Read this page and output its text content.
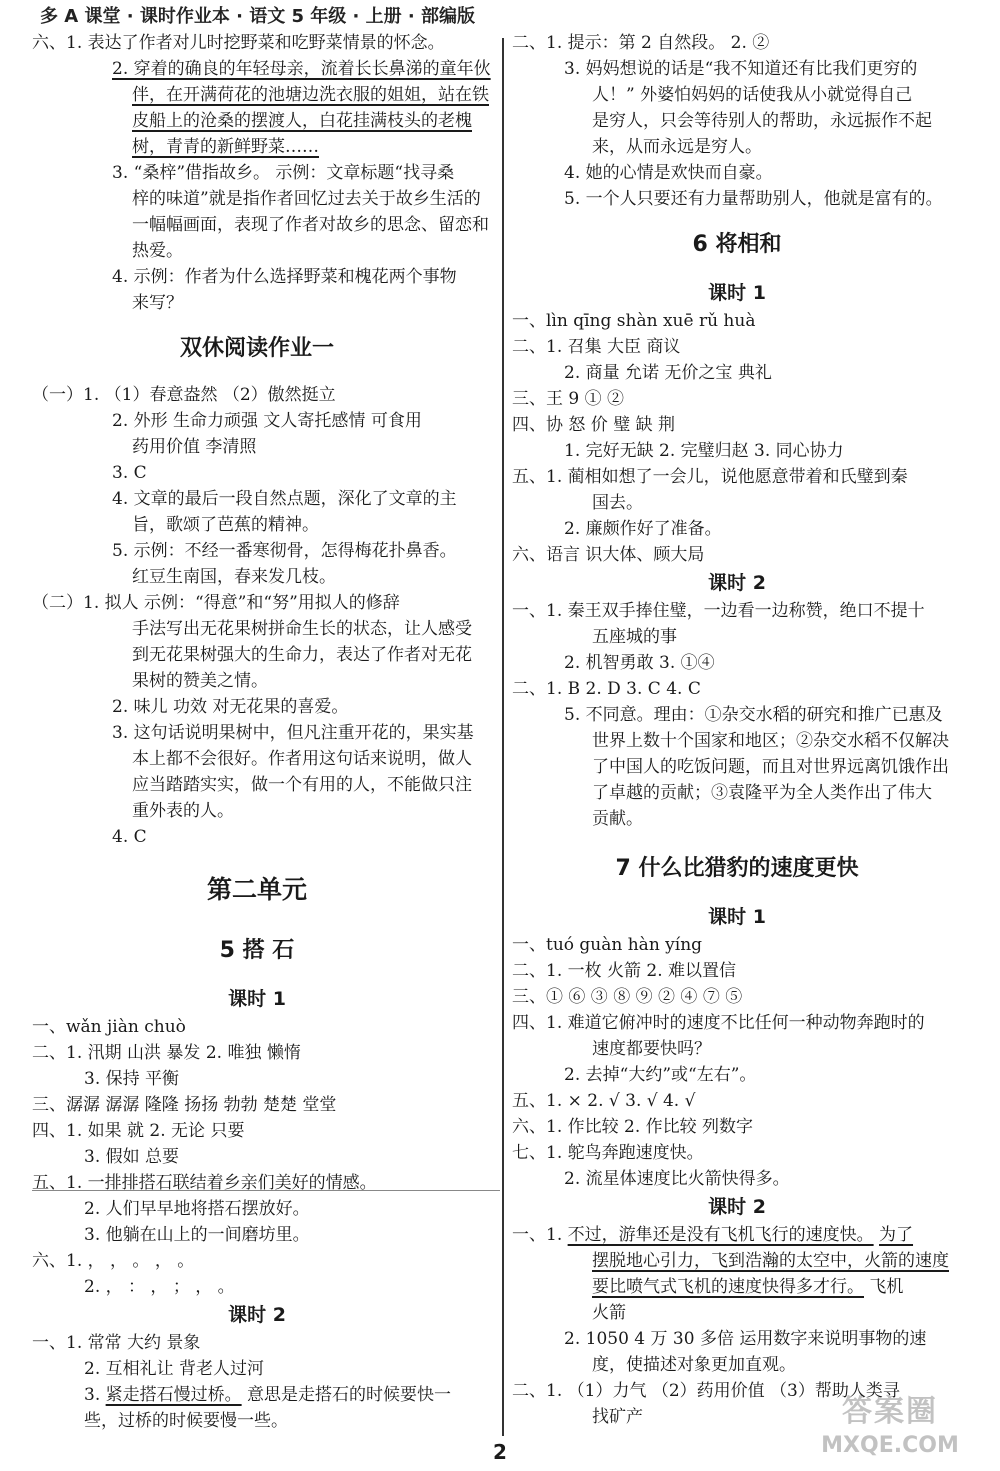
多 A 课堂 · 课时作业本 · 语文 5 年级 · 上册 · 部编版
六、1. 表达了作者对儿时挖野菜和吃野菜情景的怀念。
2. 穿着的确良的年轻母亲，流着长长鼻涕的童年伙
伴，在开满荷花的池塘边洗衣服的姐姐，站在铁
皮船上的沧桑的摆渡人，白花挂满枝头的老槐
树，青青的新鲜野菜……
3. “桑梓”借指故乡。 示例：文章标题“找寻桑
梓的味道”就是指作者回忆过去关于故乡生活的
一幅幅画面，表现了作者对故乡的思念、留恋和
热爱。
4. 示例：作者为什么选择野菜和槐花两个事物
来写？
双休阅读作业一
（一）1. （1）春意盎然 （2）傲然挺立
2. 外形 生命力顽强 文人寄托感情 可食用
药用价值 李清照
3. C
4. 文章的最后一段自然点题，深化了文章的主
旨，歌颂了芭蕉的精神。
5. 示例：不经一番寒彻骨，怎得梅花扑鼻香。
红豆生南国，春来发几枝。
（二）1. 拟人 示例：“得意”和“努”用拟人的修辞
手法写出无花果树拼命生长的状态，让人感受
到无花果树强大的生命力，表达了作者对无花
果树的赞美之情。
2. 味儿 功效 对无花果的喜爱。
3. 这句话说明果树中，但凡注重开花的，果实基
本上都不会很好。作者用这句话来说明，做人
应当踏踏实实，做一个有用的人，不能做只注
重外表的人。
4. C
第二单元
5 搭 石
课时 1
一、wǎn jiàn chuò
二、1. 汛期 山洪 暴发 2. 唯独 懒惰
3. 保持 平衡
三、潺潺 潺潺 隆隆 扬扬 勃勃 楚楚 堂堂
四、1. 如果 就 2. 无论 只要
3. 假如 总要
五、1. 一排排搭石联结着乡亲们美好的情感。
2. 人们早早地将搭石摆放好。
3. 他躺在山上的一间磨坊里。
六、1. ， ， 。 ， 。
2. ， ： ， ； ， 。
课时 2
一、1. 常常 大约 景象
2. 互相礼让 背老人过河
3. 紧走搭石慢过桥。 意思是走搭石的时候要快一
些，过桥的时候要慢一些。
二、1. 提示：第 2 自然段。 2. ②
3. 妈妈想说的话是“我不知道还有比我们更穷的
人！” 外婆怕妈妈的话使我从小就觉得自己
是穷人，只会等待别人的帮助，永远振作不起
来，从而永远是穷人。
4. 她的心情是欢快而自豪。
5. 一个人只要还有力量帮助别人，他就是富有的。
6 将相和
课时 1
一、lìn qīng shàn xuē rǔ huà
二、1. 召集 大臣 商议
2. 商量 允诺 无价之宝 典礼
三、王 9 ① ②
四、协 怒 价 璧 缺 荆
1. 完好无缺 2. 完璧归赵 3. 同心协力
五、1. 蔺相如想了一会儿，说他愿意带着和氏璧到秦
国去。
2. 廉颇作好了准备。
六、语言 识大体、顾大局
课时 2
一、1. 秦王双手捧住璧，一边看一边称赞，绝口不提十
五座城的事
2. 机智勇敢 3. ①④
二、1. B 2. D 3. C 4. C
5. 不同意。理由：①杂交水稻的研究和推广已惠及
世界上数十个国家和地区；②杂交水稻不仅解决
了中国人的吃饭问题，而且对世界远离饥饿作出
了卓越的贡献；③袁隆平为全人类作出了伟大
贡献。
7 什么比猎豹的速度更快
课时 1
一、tuó guàn hàn yíng
二、1. 一枚 火箭 2. 难以置信
三、① ⑥ ③ ⑧ ⑨ ② ④ ⑦ ⑤
四、1. 难道它俯冲时的速度不比任何一种动物奔跑时的
速度都要快吗？
2. 去掉“大约”或“左右”。
五、1. × 2. √ 3. √ 4. √
六、1. 作比较 2. 作比较 列数字
七、1. 鸵鸟奔跑速度快。
2. 流星体速度比火箭快得多。
课时 2
一、1. 不过，游隼还是没有飞机飞行的速度快。 为了
摆脱地心引力，飞到浩瀚的太空中，火箭的速度
要比喷气式飞机的速度快得多才行。 飞机
火箭
2. 1050 4 万 30 多倍 运用数字来说明事物的速
度，使描述对象更加直观。
二、1. （1）力气 （2）药用价值 （3）帮助人类寻
找矿产
2
答案圈
MXQE.COM
